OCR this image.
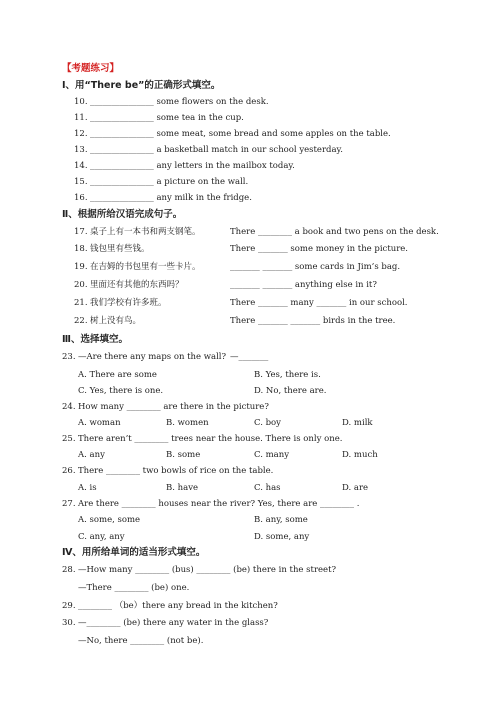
【考题练习】
Ⅰ、用“There be”的正确形式填空。
10. _______________ some flowers on the desk.
11. _______________ some tea in the cup.
12. _______________ some meat, some bread and some apples on the table.
13. _______________ a basketball match in our school yesterday.
14. _______________ any letters in the mailbox today.
15. _______________ a picture on the wall.
16. _______________ any milk in the fridge.
Ⅱ、根据所给汉语完成句子。
17. 桌子上有一本书和两支钢笔。	There ________ a book and two pens on the desk.
18. 钱包里有些钱。	There _______ some money in the picture.
19. 在吉姆的书包里有一些卡片。	_______ _______ some cards in Jim’s bag.
20. 里面还有其他的东西吗？	_______ _______ anything else in it?
21. 我们学校有许多班。	There _______ many _______ in our school.
22. 树上没有鸟。	There _______ _______ birds in the tree.
Ⅲ、选择填空。
23. —Are there any maps on the wall? —_______
A. There are some	B. Yes, there is.
C. Yes, there is one.	D. No, there are.
24. How many ________ are there in the picture?
A. woman	B. women	C. boy	D. milk
25. There aren’t ________ trees near the house. There is only one.
A. any	B. some	C. many	D. much
26. There ________ two bowls of rice on the table.
A. is	B. have	C. has	D. are
27. Are there ________ houses near the river? Yes, there are ________ .
A. some, some	B. any, some
C. any, any	D. some, any
Ⅳ、用所给单词的适当形式填空。
28. —How many ________ (bus) ________ (be) there in the street?
—There ________ (be) one.
29. ________ （be）there any bread in the kitchen?
30. —________ (be) there any water in the glass?
—No, there ________ (not be).
